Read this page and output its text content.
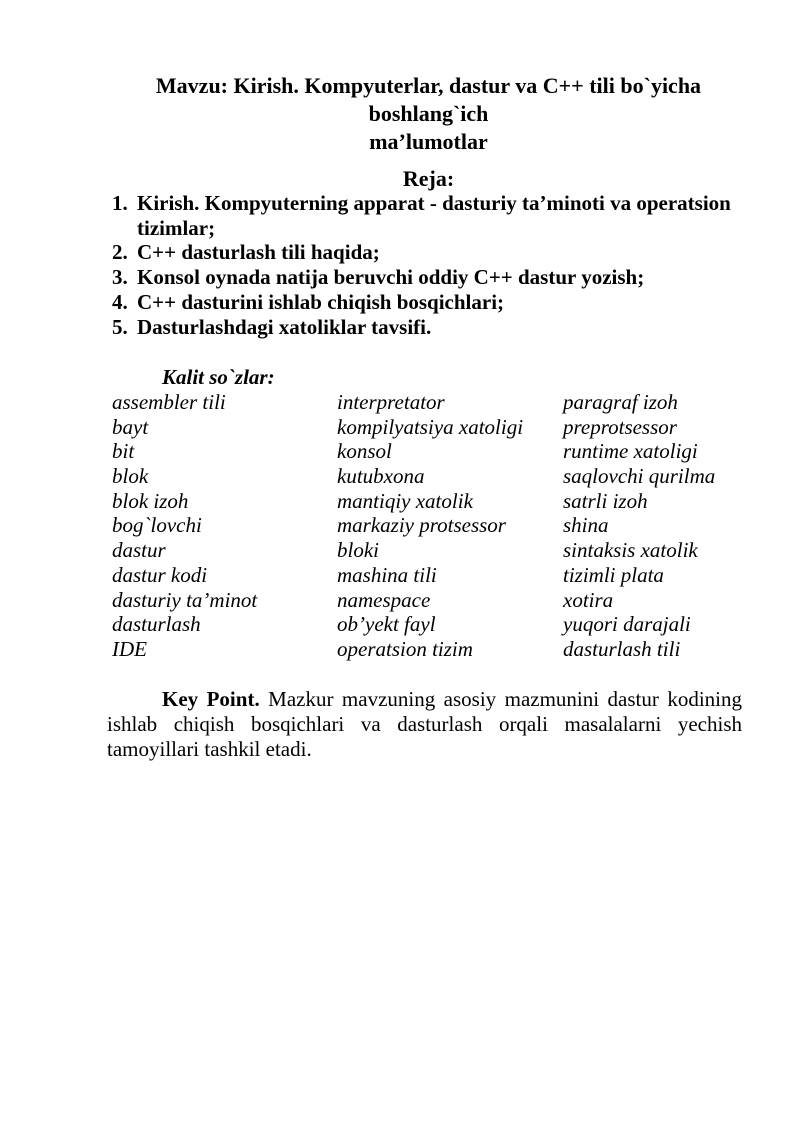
Mavzu: Kirish. Kompyuterlar, dastur va C++ tili bo`yicha boshlang`ich
ma’lumotlar
Reja:
1. Kirish. Kompyuterning apparat - dasturiy ta’minoti va operatsion tizimlar;
2. C++ dasturlash tili haqida;
3. Konsol oynada natija beruvchi oddiy C++ dastur yozish;
4. C++ dasturini ishlab chiqish bosqichlari;
5. Dasturlashdagi xatoliklar tavsifi.
Kalit so`zlar:
assembler tili
bayt
bit
blok
blok izoh
bog`lovchi
dastur
dastur kodi
dasturiy ta’minot
dasturlash
IDE
interpretator
kompilyatsiya xatoligi
konsol
kutubxona
mantiqiy xatolik
markaziy protsessor
bloki
mashina tili
namespace
ob’yekt fayl
operatsion tizim
paragraf izoh
preprotsessor
runtime xatoligi
saqlovchi qurilma
satrli izoh
shina
sintaksis xatolik
tizimli plata
xotira
yuqori darajali
dasturlash tili

Key Point. Mazkur mavzuning asosiy mazmunini dastur kodining ishlab chiqish bosqichlari va dasturlash orqali masalalarni yechish tamoyillari tashkil etadi.
